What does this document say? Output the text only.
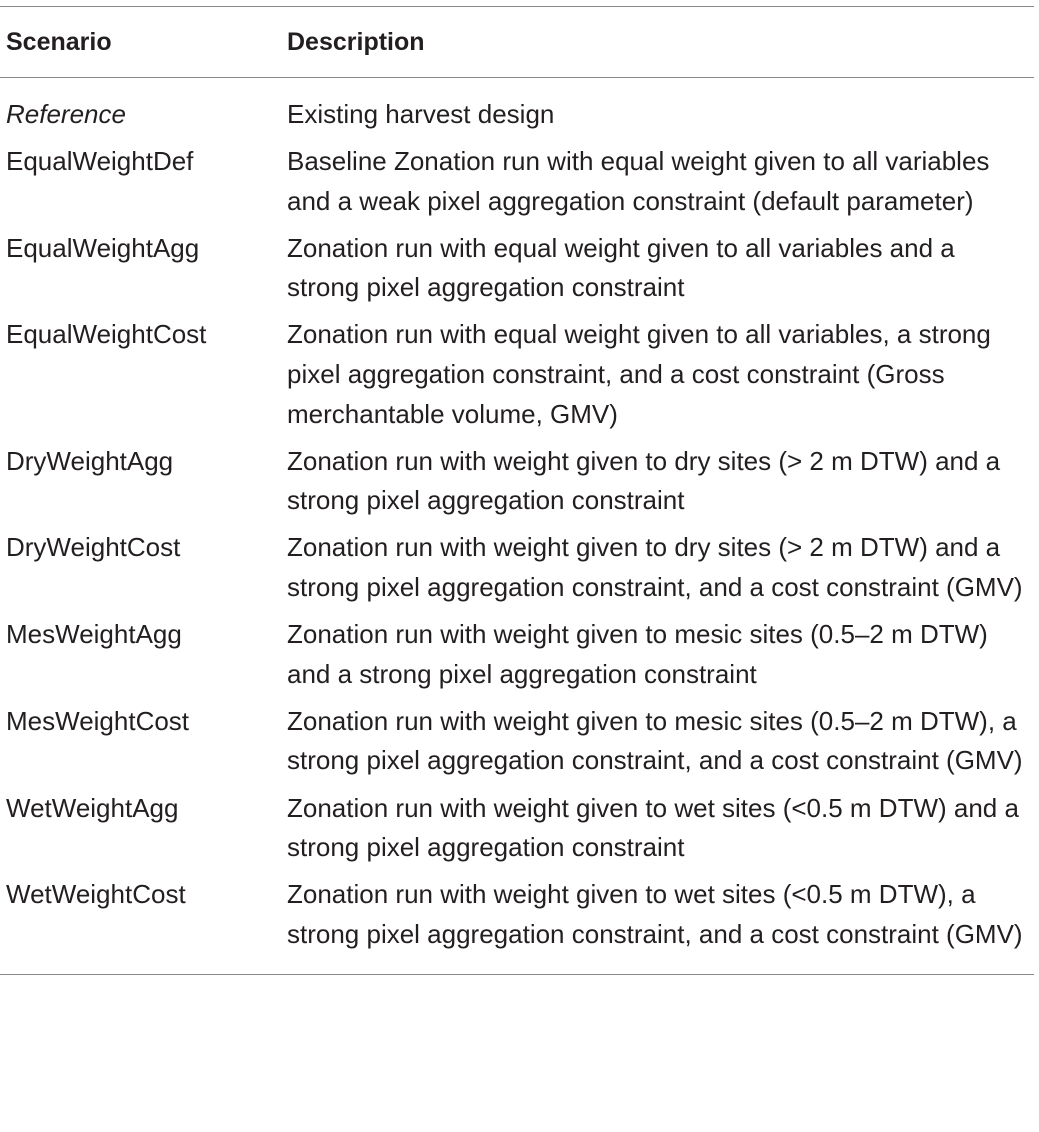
Scenario	Description
Reference	Existing harvest design
EqualWeightDef	Baseline Zonation run with equal weight given to all variables and a weak pixel aggregation constraint (default parameter)
EqualWeightAgg	Zonation run with equal weight given to all variables and a strong pixel aggregation constraint
EqualWeightCost	Zonation run with equal weight given to all variables, a strong pixel aggregation constraint, and a cost constraint (Gross merchantable volume, GMV)
DryWeightAgg	Zonation run with weight given to dry sites (> 2 m DTW) and a strong pixel aggregation constraint
DryWeightCost	Zonation run with weight given to dry sites (> 2 m DTW) and a strong pixel aggregation constraint, and a cost constraint (GMV)
MesWeightAgg	Zonation run with weight given to mesic sites (0.5–2 m DTW) and a strong pixel aggregation constraint
MesWeightCost	Zonation run with weight given to mesic sites (0.5–2 m DTW), a strong pixel aggregation constraint, and a cost constraint (GMV)
WetWeightAgg	Zonation run with weight given to wet sites (<0.5 m DTW) and a strong pixel aggregation constraint
WetWeightCost	Zonation run with weight given to wet sites (<0.5 m DTW), a strong pixel aggregation constraint, and a cost constraint (GMV)
